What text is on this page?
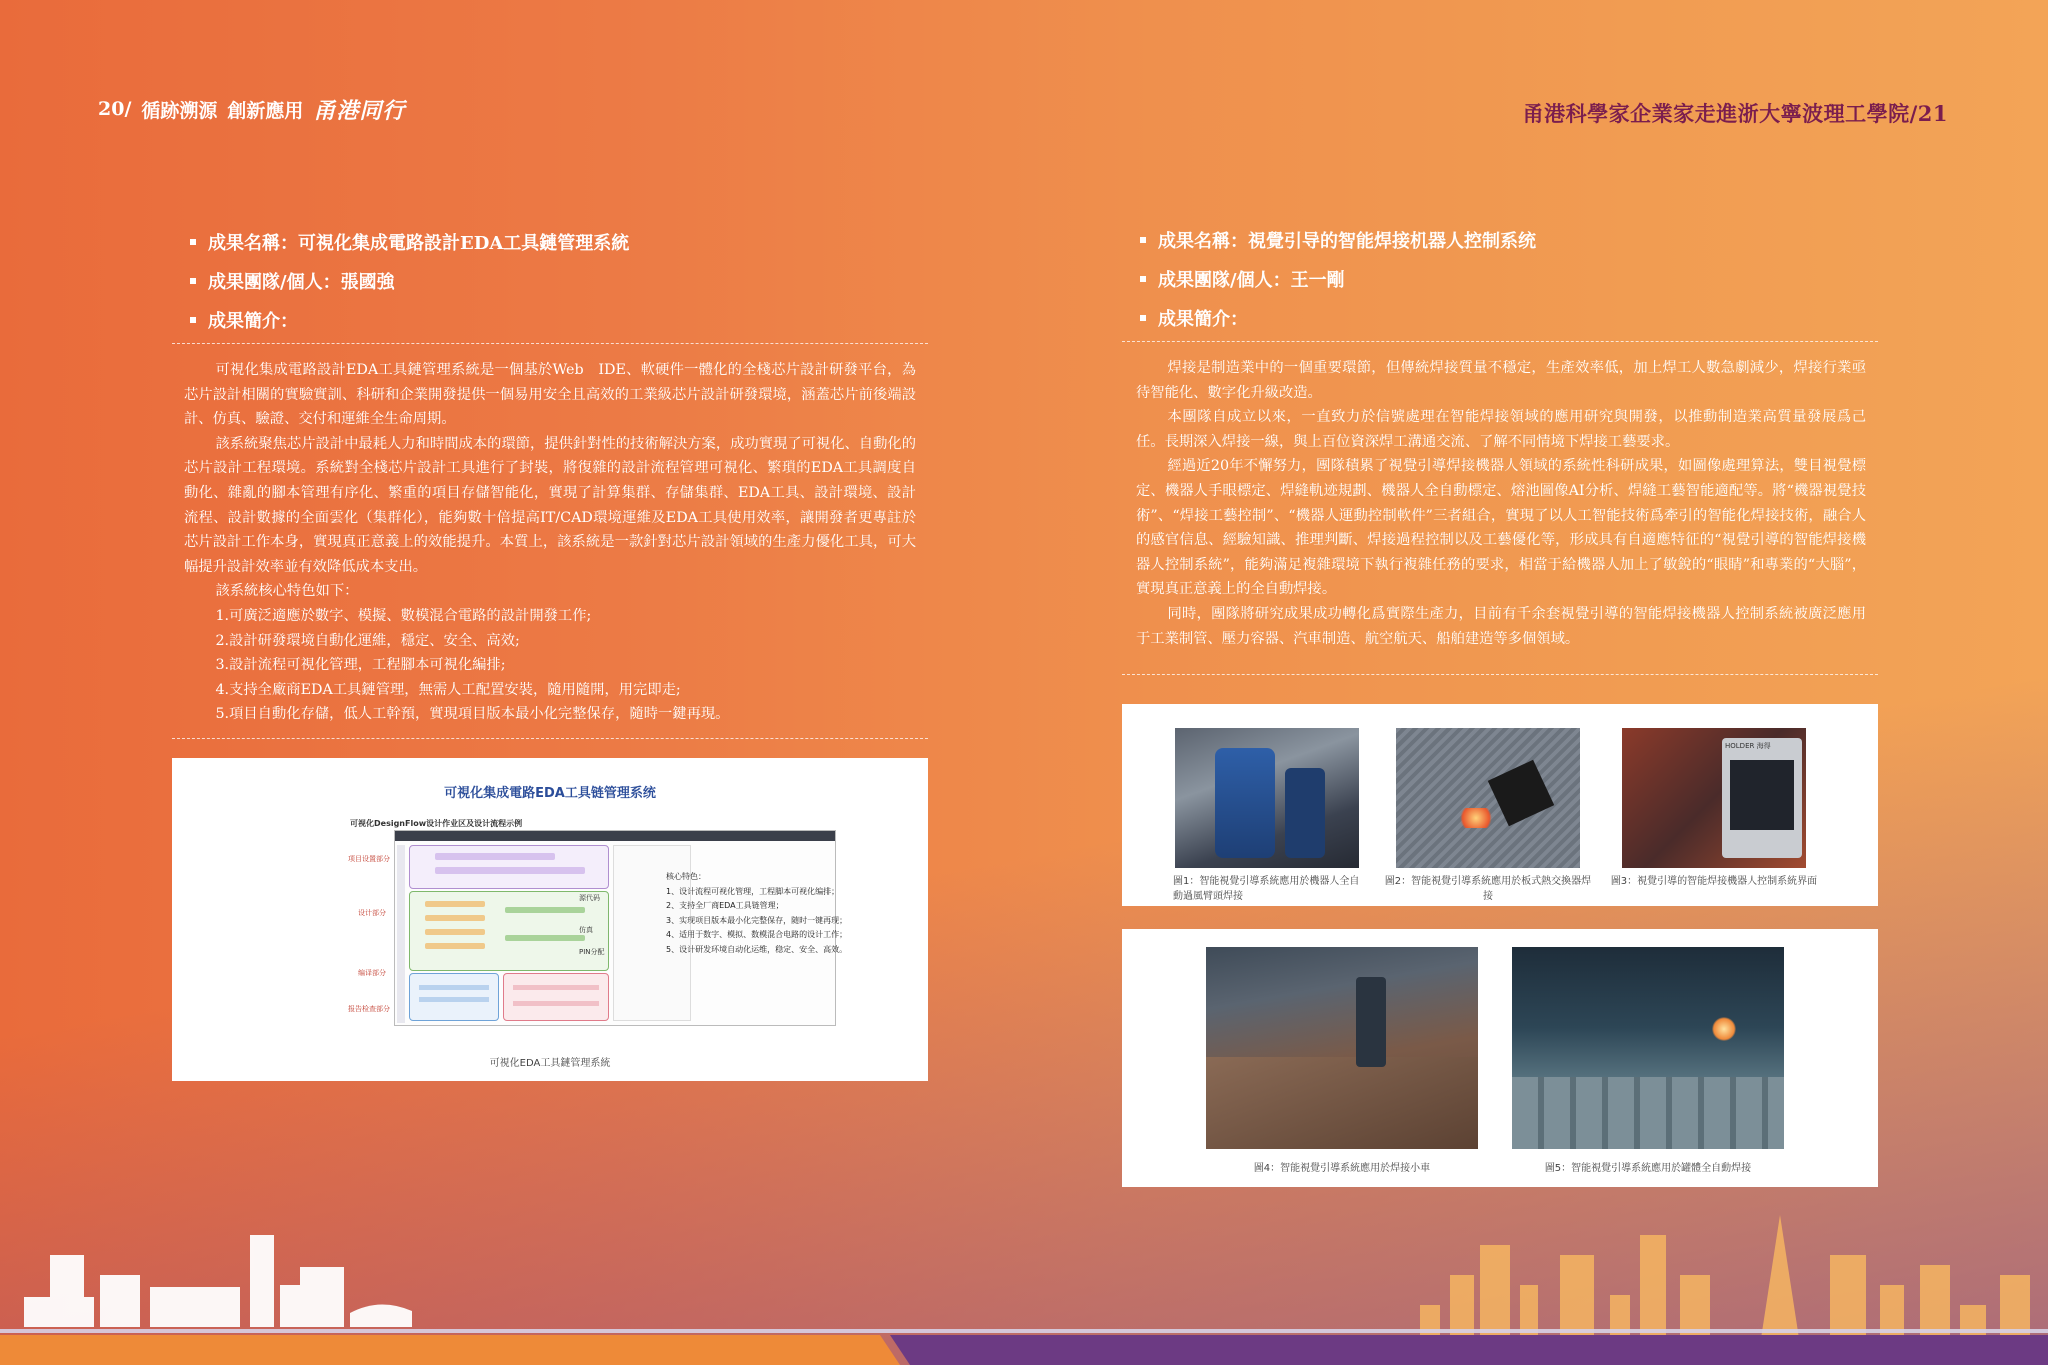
20/ 循跡溯源 創新應用 甬港同行	甬港科學家企業家走進浙大寧波理工學院/21
成果名稱： 可視化集成電路設計EDA工具鏈管理系統
成果團隊/個人： 張國強
成果簡介：

可視化集成電路設計EDA工具鏈管理系統是一個基於Web　IDE、軟硬件一體化的全棧芯片設計研發平台，為芯片設計相關的實驗實訓、科研和企業開發提供一個易用安全且高效的工業級芯片設計研發環境，涵蓋芯片前後端設計、仿真、驗證、交付和運維全生命周期。

該系統聚焦芯片設計中最耗人力和時間成本的環節，提供針對性的技術解決方案，成功實現了可視化、自動化的芯片設計工程環境。系統對全棧芯片設計工具進行了封裝，將復雜的設計流程管理可視化、繁瑣的EDA工具調度自動化、雜亂的腳本管理有序化、繁重的項目存儲智能化，實現了計算集群、存儲集群、EDA工具、設計環境、設計流程、設計數據的全面雲化（集群化），能夠數十倍提高IT/CAD環境運維及EDA工具使用效率，讓開發者更專註於芯片設計工作本身，實現真正意義上的效能提升。本質上，該系統是一款針對芯片設計領域的生產力優化工具，可大幅提升設計效率並有效降低成本支出。

該系統核心特色如下：

1.可廣泛適應於數字、模擬、數模混合電路的設計開發工作;

2.設計研發環境自動化運維，穩定、安全、高效;

3.設計流程可視化管理，工程腳本可視化編排;

4.支持全廠商EDA工具鏈管理，無需人工配置安裝，隨用隨開，用完即走;

5.項目自動化存儲，低人工幹預，實現項目版本最小化完整保存，隨時一鍵再現。

可視化集成電路EDA工具链管理系统
可视化DesignFlow设计作业区及设计流程示例
项目设置部分
设计部分
编译部分
报告检查部分
源代码
仿真
PIN分配
核心特色：
1、设计流程可视化管理，工程脚本可视化编排；
2、支持全厂商EDA工具链管理；
3、实现项目版本最小化完整保存，随时一键再现；
4、适用于数字、模拟、数模混合电路的设计工作；
5、设计研发环境自动化运维，稳定、安全、高效。
可視化EDA工具鏈管理系統
成果名稱： 視覺引导的智能焊接机器人控制系统
成果團隊/個人： 王一剛
成果簡介：

焊接是制造業中的一個重要環節，但傳統焊接質量不穩定，生產效率低，加上焊工人數急劇減少，焊接行業亟待智能化、數字化升級改造。

本團隊自成立以來，一直致力於信號處理在智能焊接領域的應用研究與開發，以推動制造業高質量發展爲己任。長期深入焊接一線，與上百位資深焊工溝通交流、了解不同情境下焊接工藝要求。

經過近20年不懈努力，團隊積累了視覺引導焊接機器人領域的系統性科研成果，如圖像處理算法，雙目視覺標定、機器人手眼標定、焊縫軌迹規劃、機器人全自動標定、熔池圖像AI分析、焊縫工藝智能適配等。將“機器視覺技術”、“焊接工藝控制”、“機器人運動控制軟件”三者組合，實現了以人工智能技術爲牽引的智能化焊接技術，融合人的感官信息、經驗知識、推理判斷、焊接過程控制以及工藝優化等，形成具有自適應特征的“視覺引導的智能焊接機器人控制系統”，能夠滿足複雜環境下執行複雜任務的要求，相當于給機器人加上了敏銳的“眼睛”和專業的“大腦”，實現真正意義上的全自動焊接。

同時，團隊將研究成果成功轉化爲實際生產力，目前有千余套視覺引導的智能焊接機器人控制系統被廣泛應用于工業制管、壓力容器、汽車制造、航空航天、船舶建造等多個領域。

HOLDER 海得
圖1：智能視覺引導系統應用於機器人全自動過風臂頭焊接
圖2：智能視覺引導系統應用於板式熱交換器焊接
圖3：視覺引導的智能焊接機器人控制系統界面
圖4：智能視覺引導系統應用於焊接小車	圖5：智能視覺引導系統應用於罐體全自動焊接
